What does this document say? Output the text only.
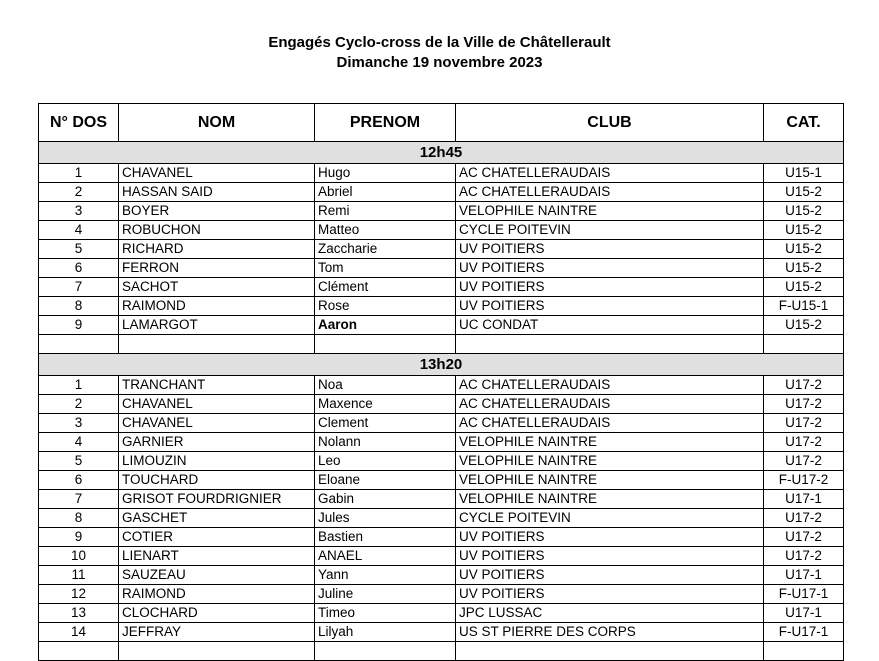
Engagés Cyclo-cross de la Ville de Châtellerault
Dimanche 19 novembre 2023
N° DOS	NOM	PRENOM	CLUB	CAT.
12h45				
1	CHAVANEL	Hugo	AC CHATELLERAUDAIS	U15-1
2	HASSAN SAID	Abriel	AC CHATELLERAUDAIS	U15-2
3	BOYER	Remi	VELOPHILE NAINTRE	U15-2
4	ROBUCHON	Matteo	CYCLE POITEVIN	U15-2
5	RICHARD	Zaccharie	UV POITIERS	U15-2
6	FERRON	Tom	UV POITIERS	U15-2
7	SACHOT	Clément	UV POITIERS	U15-2
8	RAIMOND	Rose	UV POITIERS	F-U15-1
9	LAMARGOT	Aaron	UC CONDAT	U15-2

13h20				
1	TRANCHANT	Noa	AC CHATELLERAUDAIS	U17-2
2	CHAVANEL	Maxence	AC CHATELLERAUDAIS	U17-2
3	CHAVANEL	Clement	AC CHATELLERAUDAIS	U17-2
4	GARNIER	Nolann	VELOPHILE NAINTRE	U17-2
5	LIMOUZIN	Leo	VELOPHILE NAINTRE	U17-2
6	TOUCHARD	Eloane	VELOPHILE NAINTRE	F-U17-2
7	GRISOT FOURDRIGNIER	Gabin	VELOPHILE NAINTRE	U17-1
8	GASCHET	Jules	CYCLE POITEVIN	U17-2
9	COTIER	Bastien	UV POITIERS	U17-2
10	LIENART	ANAEL	UV POITIERS	U17-2
11	SAUZEAU	Yann	UV POITIERS	U17-1
12	RAIMOND	Juline	UV POITIERS	F-U17-1
13	CLOCHARD	Timeo	JPC LUSSAC	U17-1
14	JEFFRAY	Lilyah	US ST PIERRE DES CORPS	F-U17-1
